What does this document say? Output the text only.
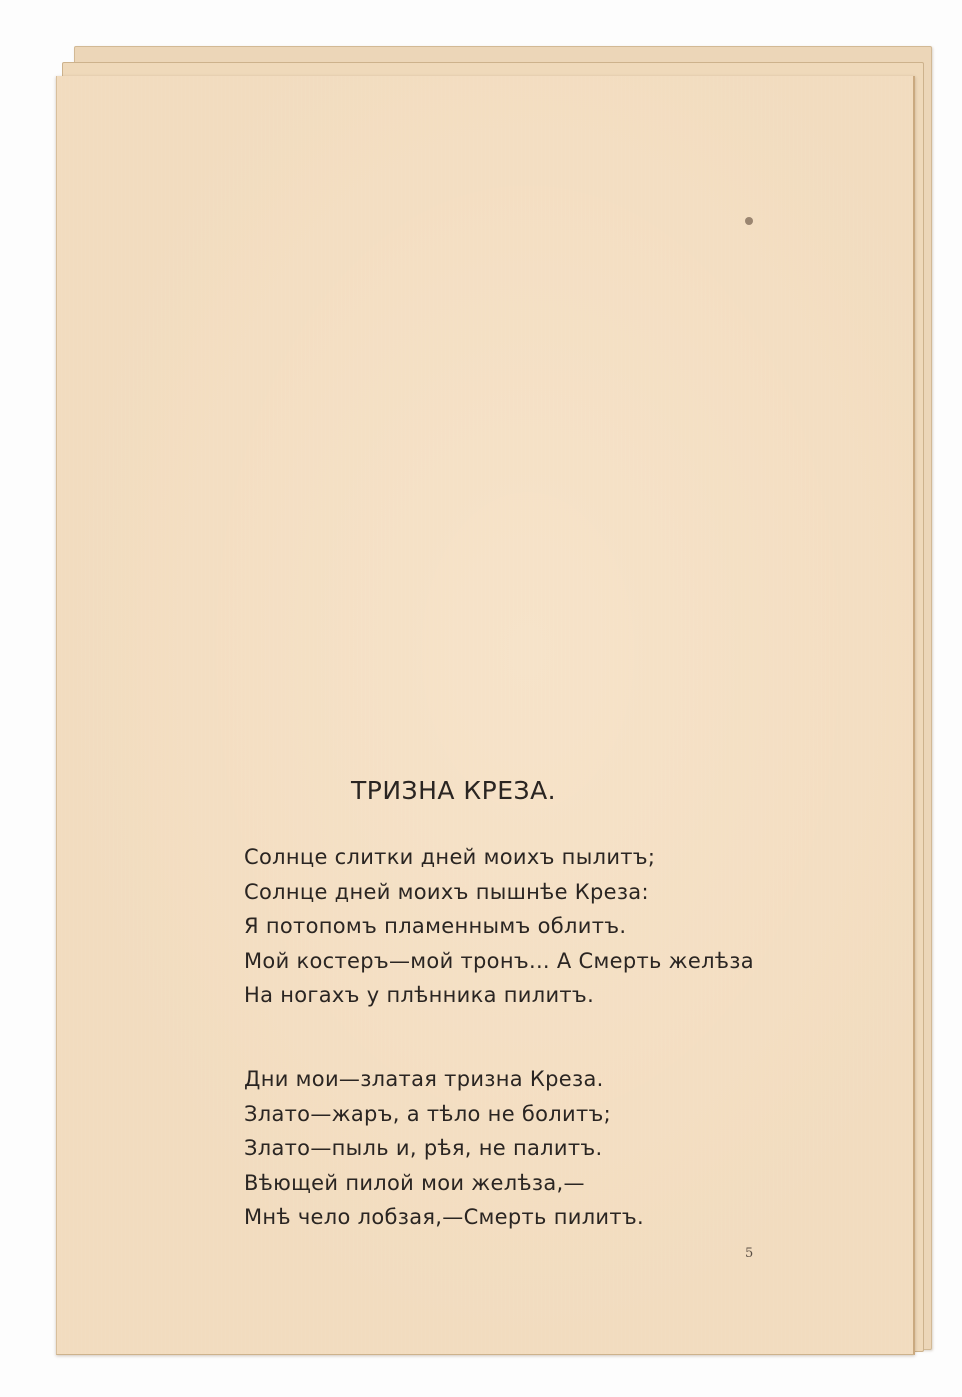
ТРИЗНА КРЕЗА.
Солнце слитки дней моихъ пылитъ;
Солнце дней моихъ пышнѣе Креза:
Я потопомъ пламеннымъ облитъ.
Мой костеръ—мой тронъ... А Смерть желѣза
На ногахъ у плѣнника пилитъ.
Дни мои—златая тризна Креза.
Злато—жаръ, а тѣло не болитъ;
Злато—пыль и, рѣя, не палитъ.
Вѣющей пилой мои желѣза,—
Мнѣ чело лобзая,—Смерть пилитъ.
5
